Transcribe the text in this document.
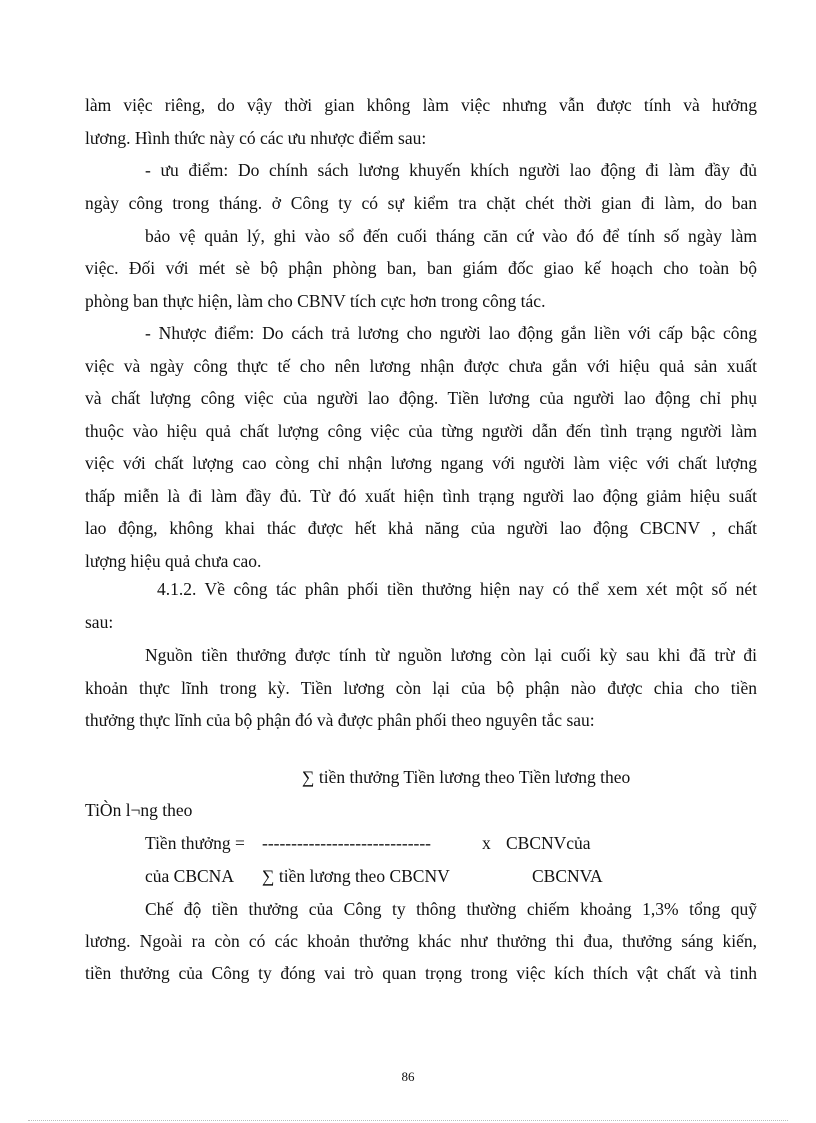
làm việc riêng, do vậy thời gian không làm việc nhưng vẫn được tính và hưởng
lương. Hình thức này có các ưu nhược điểm sau:
- ưu điểm: Do chính sách lương khuyến khích người lao động đi làm đầy đủ
ngày công trong tháng. ở Công ty có sự kiểm tra chặt chét thời gian đi làm, do ban
bảo vệ quản lý, ghi vào sổ đến cuối tháng căn cứ vào đó để tính số ngày làm
việc. Đối với mét sè bộ phận phòng ban, ban giám đốc giao kế hoạch cho toàn bộ
phòng ban thực hiện, làm cho CBNV tích cực hơn trong công tác.
- Nhược điểm: Do cách trả lương cho người lao động gắn liền với cấp bậc công
việc và ngày công thực tế cho nên lương nhận được chưa gắn với hiệu quả sản xuất
và chất lượng công việc của người lao động. Tiền lương của người lao động chỉ phụ
thuộc vào hiệu quả chất lượng công việc của từng người dẫn đến tình trạng người làm
việc với chất lượng cao còng chỉ nhận lương ngang với người làm việc với chất lượng
thấp miễn là đi làm đầy đủ. Từ đó xuất hiện tình trạng người lao động giảm hiệu suất
lao động, không khai thác được hết khả năng của người lao động CBCNV , chất
lượng hiệu quả chưa cao.
4.1.2. Về công tác phân phối tiền thưởng hiện nay có thể xem xét một số nét
sau:
Nguồn tiền thưởng được tính từ nguồn lương còn lại cuối kỳ sau khi đã trừ đi
khoản thực lĩnh trong kỳ. Tiền lương còn lại của bộ phận nào được chia cho tiền
thưởng thực lĩnh của bộ phận đó và được phân phối theo nguyên tắc sau:
∑ tiền thưởng Tiền lương theo Tiền lương theo
TiÒn l¬ng theo
Tiền thưởng = -----------------------------	x CBCNVcủa
của CBCNA ∑ tiền lương theo CBCNV	CBCNVA
Chế độ tiền thưởng của Công ty thông thường chiếm khoảng 1,3% tổng quỹ
lương. Ngoài ra còn có các khoản thưởng khác như thưởng thi đua, thưởng sáng kiến,
tiền thưởng của Công ty đóng vai trò quan trọng trong việc kích thích vật chất và tinh
86
